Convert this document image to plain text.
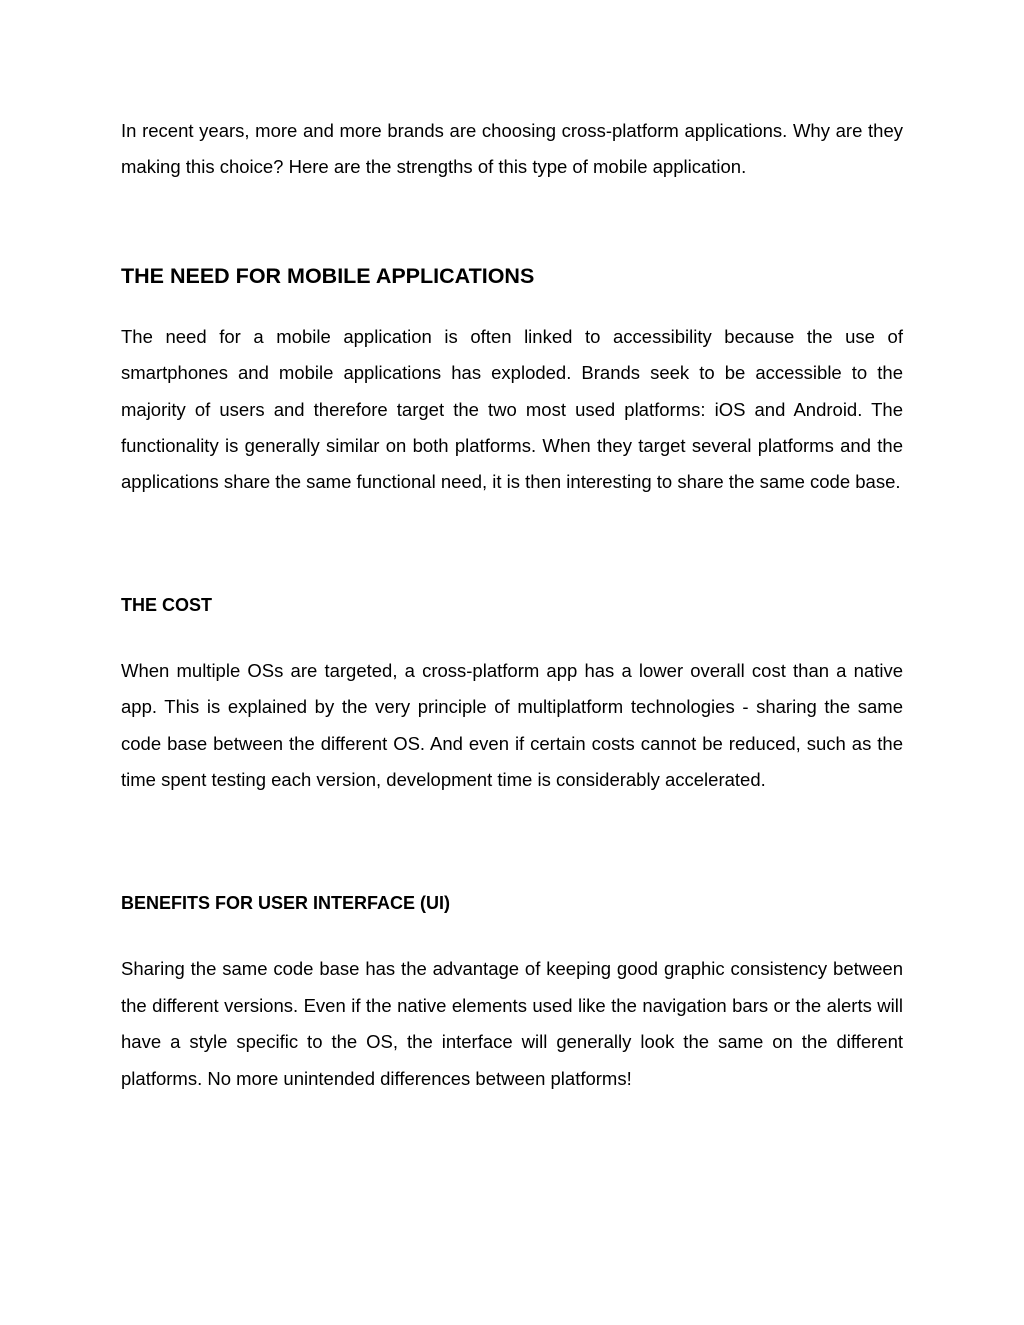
In recent years, more and more brands are choosing cross-platform applications. Why are they making this choice? Here are the strengths of this type of mobile application.

THE NEED FOR MOBILE APPLICATIONS

The need for a mobile application is often linked to accessibility because the use of smartphones and mobile applications has exploded. Brands seek to be accessible to the majority of users and therefore target the two most used platforms: iOS and Android. The functionality is generally similar on both platforms. When they target several platforms and the applications share the same functional need, it is then interesting to share the same code base.

THE COST

When multiple OSs are targeted, a cross-platform app has a lower overall cost than a native app. This is explained by the very principle of multiplatform technologies - sharing the same code base between the different OS. And even if certain costs cannot be reduced, such as the time spent testing each version, development time is considerably accelerated.

BENEFITS FOR USER INTERFACE (UI)

Sharing the same code base has the advantage of keeping good graphic consistency between the different versions. Even if the native elements used like the navigation bars or the alerts will have a style specific to the OS, the interface will generally look the same on the different platforms. No more unintended differences between platforms!
